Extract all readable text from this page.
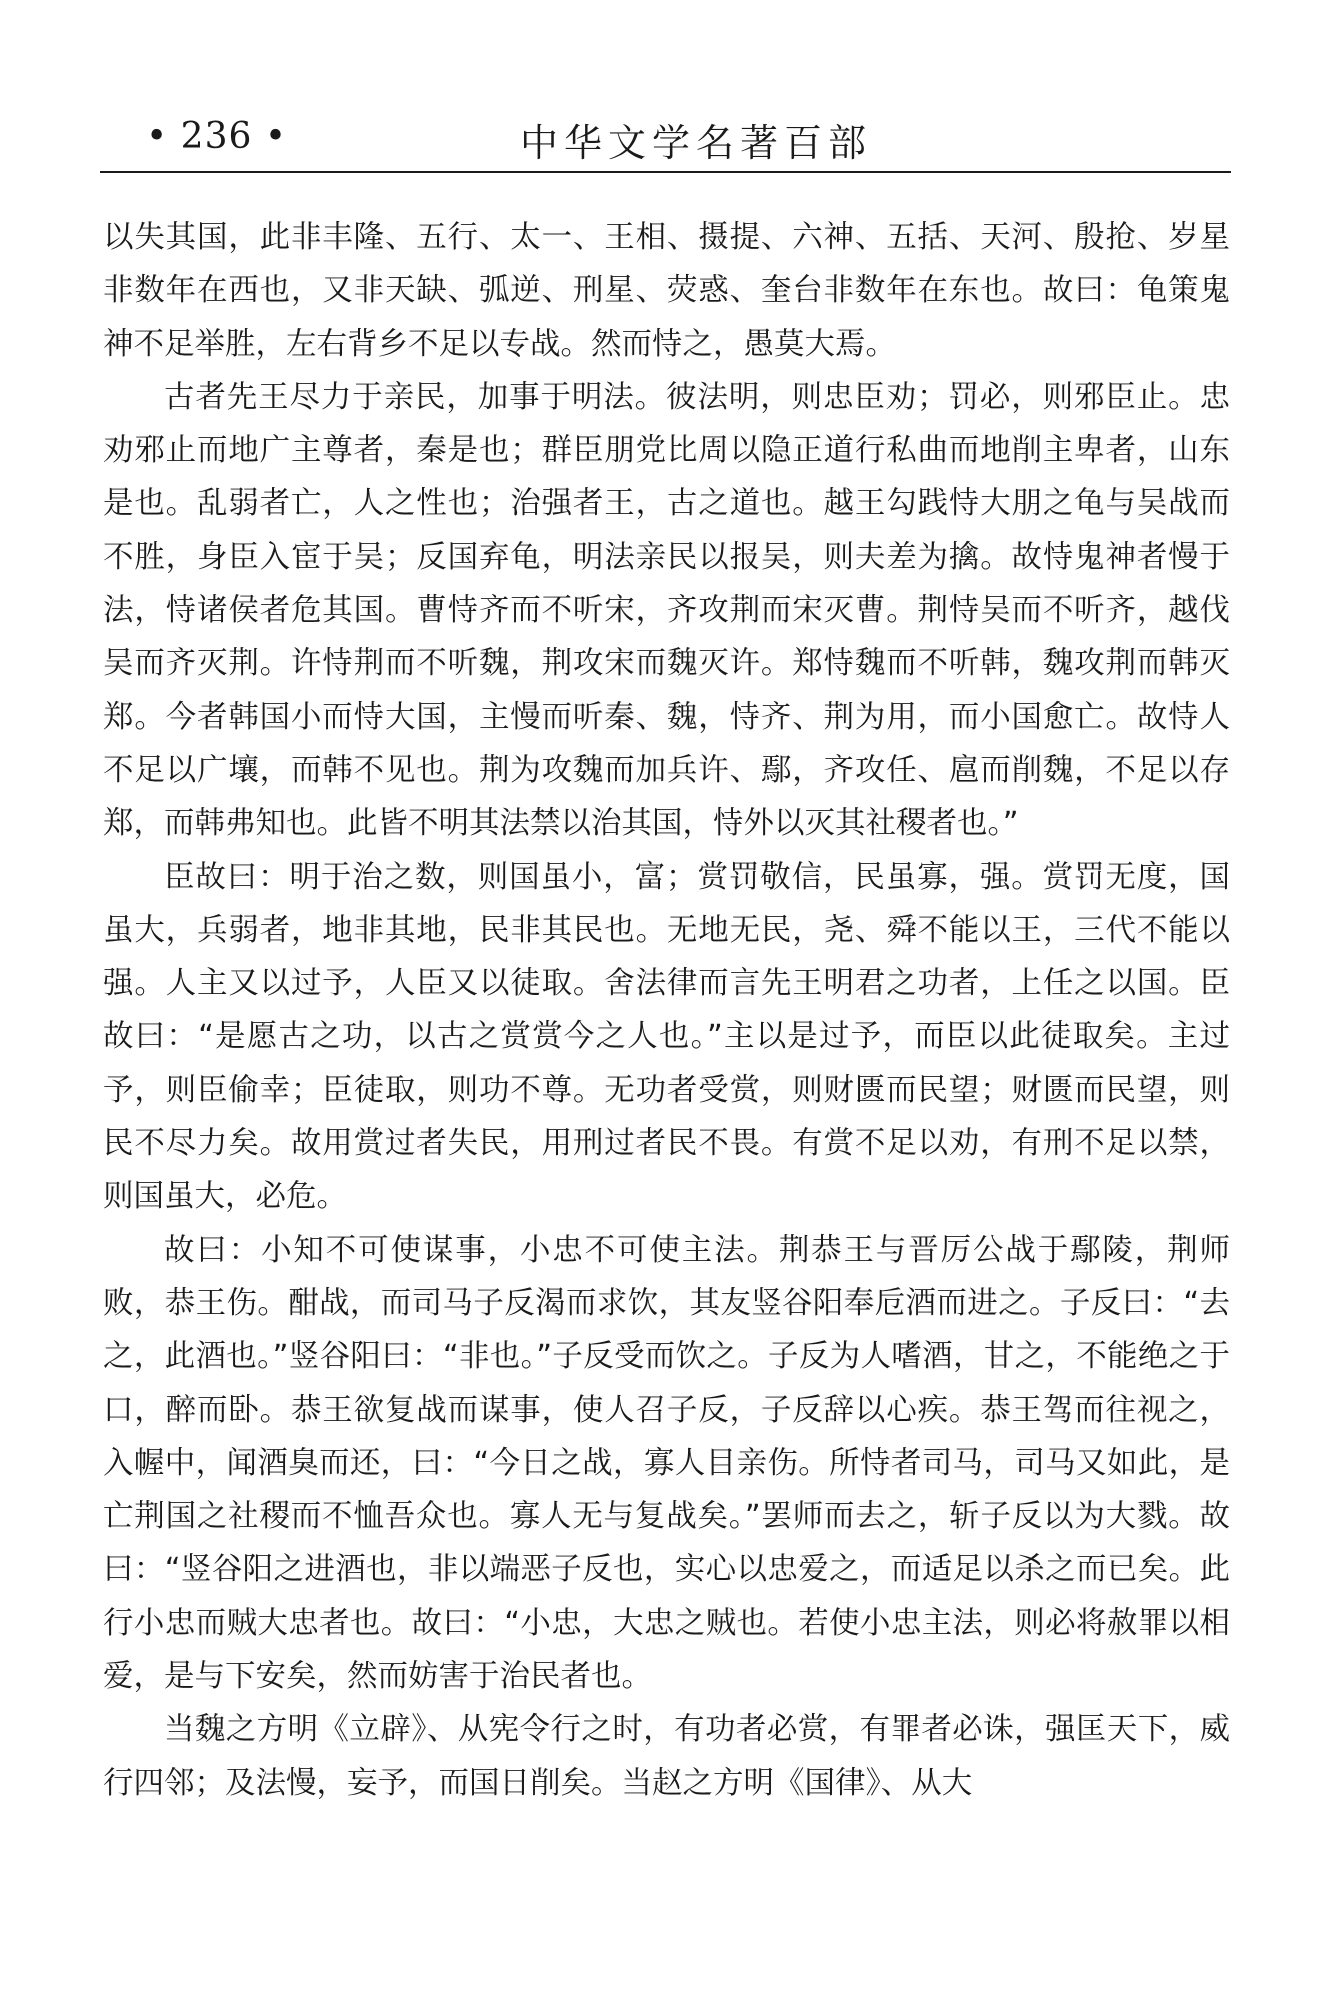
• 236 •	中华文学名著百部

以失其国，此非丰隆、五行、太一、王相、摄提、六神、五括、天河、殷抢、岁星非数年在西也，又非天缺、弧逆、刑星、荧惑、奎台非数年在东也。故曰：龟策鬼神不足举胜，左右背乡不足以专战。然而恃之，愚莫大焉。

古者先王尽力于亲民，加事于明法。彼法明，则忠臣劝；罚必，则邪臣止。忠劝邪止而地广主尊者，秦是也；群臣朋党比周以隐正道行私曲而地削主卑者，山东是也。乱弱者亡，人之性也；治强者王，古之道也。越王勾践恃大朋之龟与吴战而不胜，身臣入宦于吴；反国弃龟，明法亲民以报吴，则夫差为擒。故恃鬼神者慢于法，恃诸侯者危其国。曹恃齐而不听宋，齐攻荆而宋灭曹。荆恃吴而不听齐，越伐吴而齐灭荆。许恃荆而不听魏，荆攻宋而魏灭许。郑恃魏而不听韩，魏攻荆而韩灭郑。今者韩国小而恃大国，主慢而听秦、魏，恃齐、荆为用，而小国愈亡。故恃人不足以广壤，而韩不见也。荆为攻魏而加兵许、鄢，齐攻任、扈而削魏，不足以存郑，而韩弗知也。此皆不明其法禁以治其国，恃外以灭其社稷者也。”

臣故曰：明于治之数，则国虽小，富；赏罚敬信，民虽寡，强。赏罚无度，国虽大，兵弱者，地非其地，民非其民也。无地无民，尧、舜不能以王，三代不能以强。人主又以过予，人臣又以徒取。舍法律而言先王明君之功者，上任之以国。臣故曰：“是愿古之功，以古之赏赏今之人也。”主以是过予，而臣以此徒取矣。主过予，则臣偷幸；臣徒取，则功不尊。无功者受赏，则财匮而民望；财匮而民望，则民不尽力矣。故用赏过者失民，用刑过者民不畏。有赏不足以劝，有刑不足以禁，则国虽大，必危。

故曰：小知不可使谋事，小忠不可使主法。荆恭王与晋厉公战于鄢陵，荆师败，恭王伤。酣战，而司马子反渴而求饮，其友竖谷阳奉卮酒而进之。子反曰：“去之，此酒也。”竖谷阳曰：“非也。”子反受而饮之。子反为人嗜酒，甘之，不能绝之于口，醉而卧。恭王欲复战而谋事，使人召子反，子反辞以心疾。恭王驾而往视之，入幄中，闻酒臭而还，曰：“今日之战，寡人目亲伤。所恃者司马，司马又如此，是亡荆国之社稷而不恤吾众也。寡人无与复战矣。”罢师而去之，斩子反以为大戮。故曰：“竖谷阳之进酒也，非以端恶子反也，实心以忠爱之，而适足以杀之而已矣。此行小忠而贼大忠者也。故曰：“小忠，大忠之贼也。若使小忠主法，则必将赦罪以相爱，是与下安矣，然而妨害于治民者也。

当魏之方明《立辟》、从宪令行之时，有功者必赏，有罪者必诛，强匡天下，威行四邻；及法慢，妄予，而国日削矣。当赵之方明《国律》、从大
